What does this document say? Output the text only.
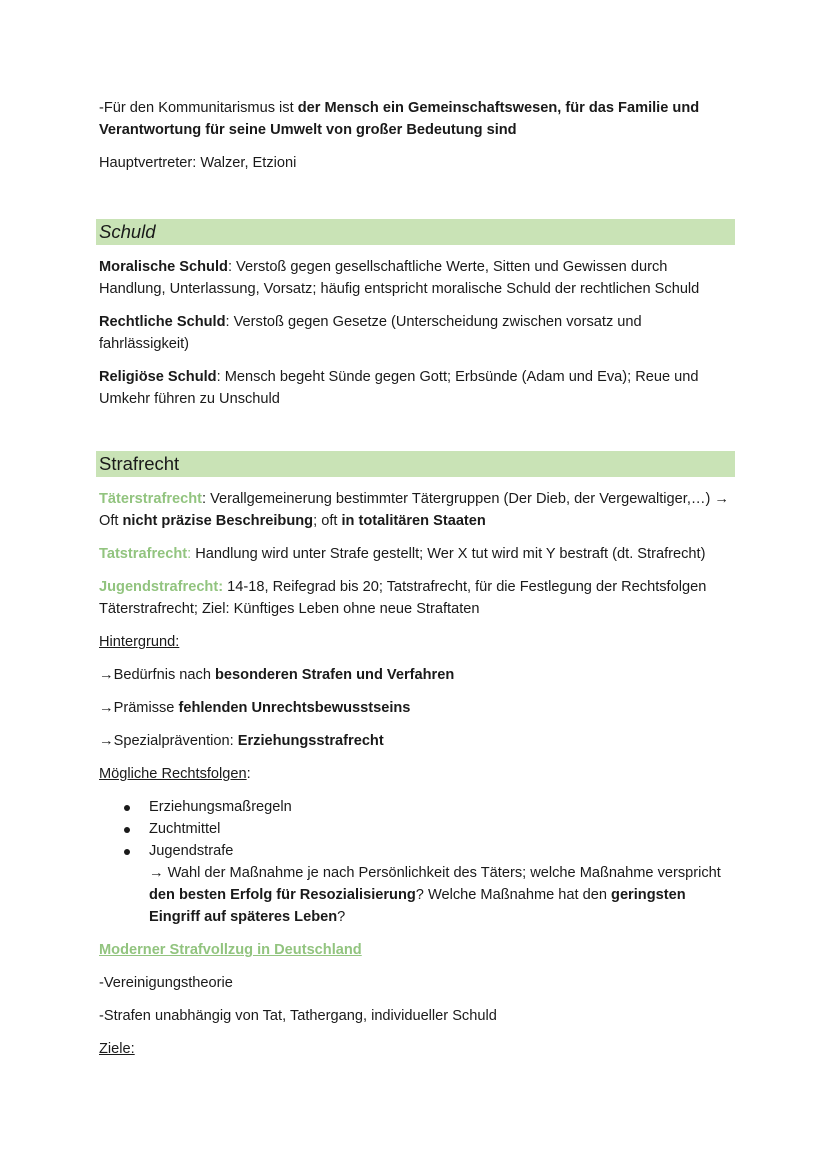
-Für den Kommunitarismus ist der Mensch ein Gemeinschaftswesen, für das Familie und Verantwortung für seine Umwelt von großer Bedeutung sind

Hauptvertreter: Walzer, Etzioni

Schuld

Moralische Schuld: Verstoß gegen gesellschaftliche Werte, Sitten und Gewissen durch Handlung, Unterlassung, Vorsatz; häufig entspricht moralische Schuld der rechtlichen Schuld

Rechtliche Schuld: Verstoß gegen Gesetze (Unterscheidung zwischen vorsatz und fahrlässigkeit)

Religiöse Schuld: Mensch begeht Sünde gegen Gott; Erbsünde (Adam und Eva); Reue und Umkehr führen zu Unschuld

Strafrecht

Täterstrafrecht: Verallgemeinerung bestimmter Tätergruppen (Der Dieb, der Vergewaltiger,…) → Oft nicht präzise Beschreibung; oft in totalitären Staaten

Tatstrafrecht: Handlung wird unter Strafe gestellt; Wer X tut wird mit Y bestraft (dt. Strafrecht)

Jugendstrafrecht: 14-18, Reifegrad bis 20; Tatstrafrecht, für die Festlegung der Rechtsfolgen Täterstrafrecht; Ziel: Künftiges Leben ohne neue Straftaten

Hintergrund:

→Bedürfnis nach besonderen Strafen und Verfahren

→Prämisse fehlenden Unrechtsbewusstseins

→Spezialprävention: Erziehungsstrafrecht

Mögliche Rechtsfolgen:

Erziehungsmaßregeln
Zuchtmittel
Jugendstrafe
→ Wahl der Maßnahme je nach Persönlichkeit des Täters; welche Maßnahme verspricht den besten Erfolg für Resozialisierung? Welche Maßnahme hat den geringsten Eingriff auf späteres Leben?

Moderner Strafvollzug in Deutschland

-Vereinigungstheorie

-Strafen unabhängig von Tat, Tathergang, individueller Schuld

Ziele:
